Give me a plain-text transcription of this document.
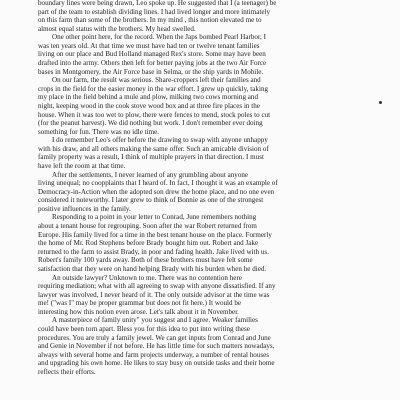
boundary lines were being drawn, Leo spoke up. He suggested that I (a teenager) be
part of the team to establish dividing lines. I had lived longer and more intimately
on this farm than some of the brothers. In my mind , this notion elevated me to
almost equal status with the brothers. My head swelled.
One other point here, for the record. When the Japs bombed Pearl Harbor, I
was ten years old. At that time we must have had ten or twelve tenant families
living on our place and Bud Holland managed Rex's store. Some may have been
drafted into the army. Others then left for better paying jobs at the two Air Force
bases in Montgomery, the Air Force base in Selma, or the ship yards in Mobile.
On our farm, the result was serious. Share-croppers left their families and
crops in the field for the easier money in the war effort. I grew up quickly, taking
my place in the field behind a mule and plow, milking two cows morning and
night, keeping wood in the cook stove wood box and at three fire places in the
house. When it was too wet to plow, there were fences to mend, stock poles to cut
(for the peanut harvest). We did nothing but work. I don't remember ever doing
something for fun. There was no idle time.
I do remember Leo's offer before the drawing to swap with anyone unhappy
with his draw, and all others making the same offer. Such an amicable division of
family property was a result, I think of multiple prayers in that direction. I must
have left the room at that time.
After the settlements, I never learned of any grumbling about anyone
living unequal; no coopplaints that I heard of. In fact, I thought it was an example of
Democracy-in-Action when the adopted son drew the home place, and no one even
considered it noteworthy. I later grew to think of Bonnie as one of the strongest
positive influences in the family.
Responding to a point in your letter to Conrad, June remembers nothing
about a tenant house for regrouping. Soon after the war Robert returned from
Europe. His family lived for a time in the best tenant house on the place. Formerly
the home of Mr. Rod Stephens before Brady bought him out. Robert and Jake
returned to the farm to assist Brady, in poor and fading health. Jake lived with us.
Robert's family 100 yards away. Both of these brothers must have felt some
satisfaction that they were on hand helping Brady with his burden when he died.
An outside lawyer? Unknown to me. There was no contention here
requiring mediation; what with all agreeing to swap with anyone dissatisfied. If any
lawyer was involved, I never heard of it. The only outside advisor at the time was
me! ("was I" may be proper grammar but does not fit here.) It would be
interesting how this notion even arose. Let's talk about it in November.
A masterpiece of family unity" you suggest and I agree. Weaker families
could have been torn apart. Bless you for this idea to put into writing these
procedures. You are truly a family jewel. We can get inputs from Conrad and June
and Genie in November if not before. He has little time for such matters nowadays,
always with several home and farm projects underway, a number of rental houses
and upgrading his own home. He likes to stay busy on outside tasks and their home
reflects their efforts.
